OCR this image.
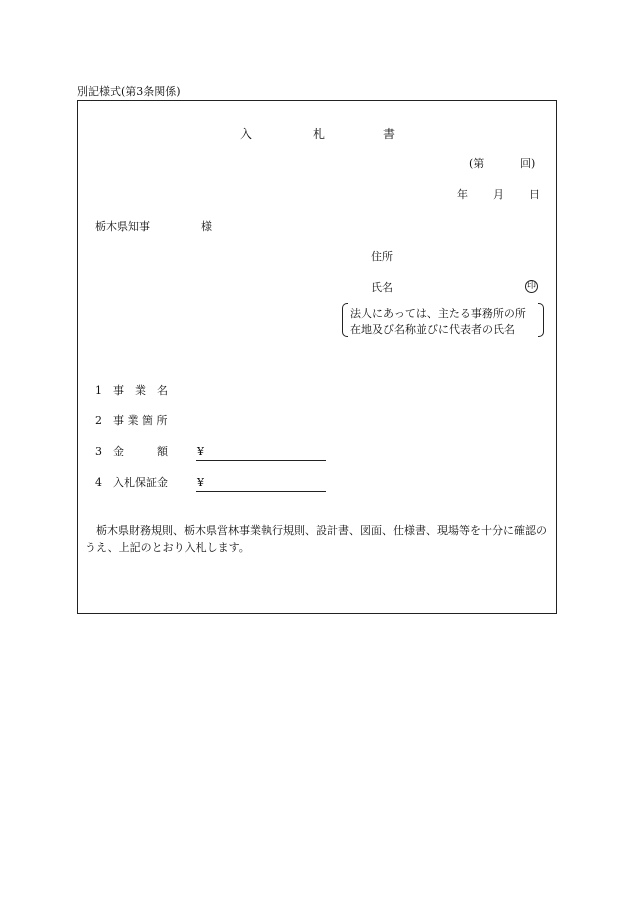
別記様式(第3条関係)
入	札	書
(第	回)
年 月 日
栃木県知事	様
住所
氏名	印
法人にあっては、主たる事務所の所
在地及び名称並びに代表者の氏名
1 事　業　名
2 事 業 箇 所
3 金　　　額	¥
4 入札保証金	¥
栃木県財務規則、栃木県営林事業執行規則、設計書、図面、仕様書、現場等を十分に確認のうえ、上記のとおり入札します。
